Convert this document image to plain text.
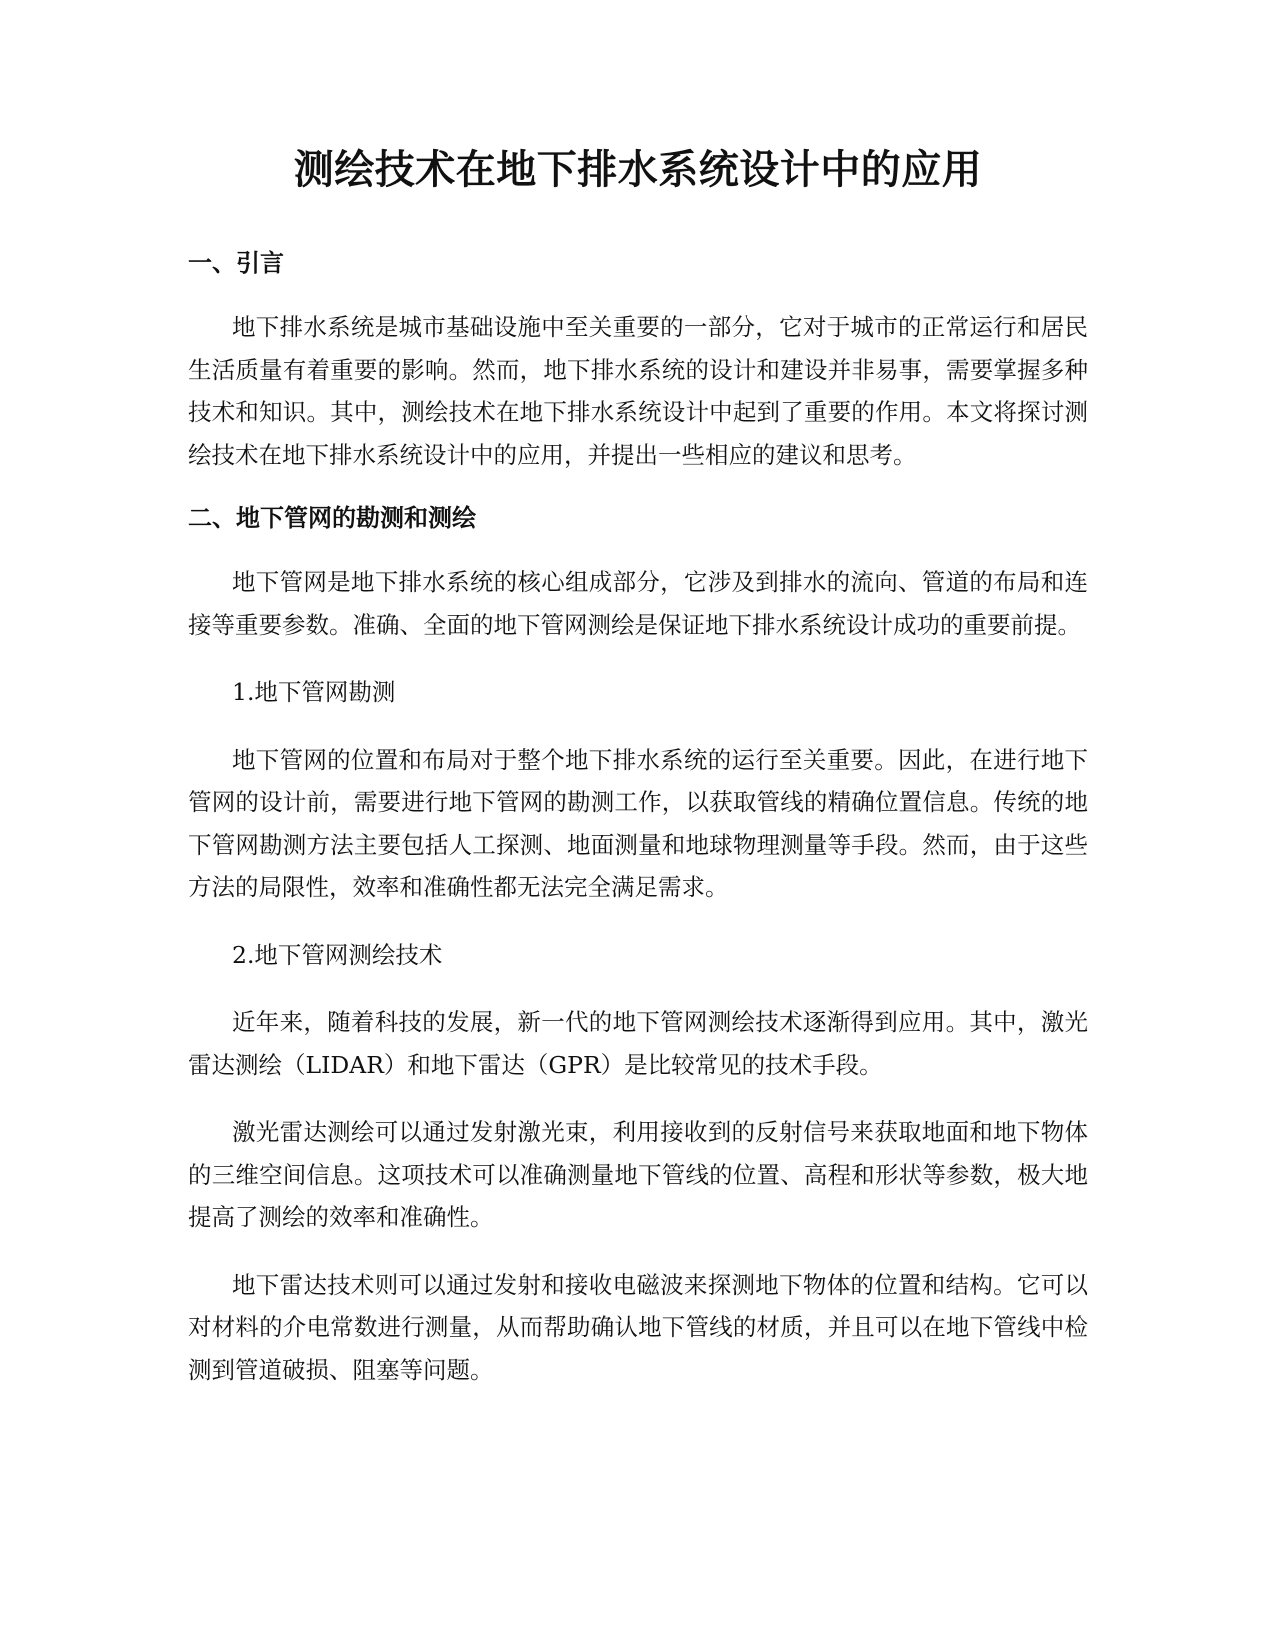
测绘技术在地下排水系统设计中的应用
一、引言

地下排水系统是城市基础设施中至关重要的一部分，它对于城市的正常运行和居民生活质量有着重要的影响。然而，地下排水系统的设计和建设并非易事，需要掌握多种技术和知识。其中，测绘技术在地下排水系统设计中起到了重要的作用。本文将探讨测绘技术在地下排水系统设计中的应用，并提出一些相应的建议和思考。

二、地下管网的勘测和测绘

地下管网是地下排水系统的核心组成部分，它涉及到排水的流向、管道的布局和连接等重要参数。准确、全面的地下管网测绘是保证地下排水系统设计成功的重要前提。

1.地下管网勘测

地下管网的位置和布局对于整个地下排水系统的运行至关重要。因此，在进行地下管网的设计前，需要进行地下管网的勘测工作，以获取管线的精确位置信息。传统的地下管网勘测方法主要包括人工探测、地面测量和地球物理测量等手段。然而，由于这些方法的局限性，效率和准确性都无法完全满足需求。

2.地下管网测绘技术

近年来，随着科技的发展，新一代的地下管网测绘技术逐渐得到应用。其中，激光雷达测绘（LIDAR）和地下雷达（GPR）是比较常见的技术手段。

激光雷达测绘可以通过发射激光束，利用接收到的反射信号来获取地面和地下物体的三维空间信息。这项技术可以准确测量地下管线的位置、高程和形状等参数，极大地提高了测绘的效率和准确性。

地下雷达技术则可以通过发射和接收电磁波来探测地下物体的位置和结构。它可以对材料的介电常数进行测量，从而帮助确认地下管线的材质，并且可以在地下管线中检测到管道破损、阻塞等问题。
